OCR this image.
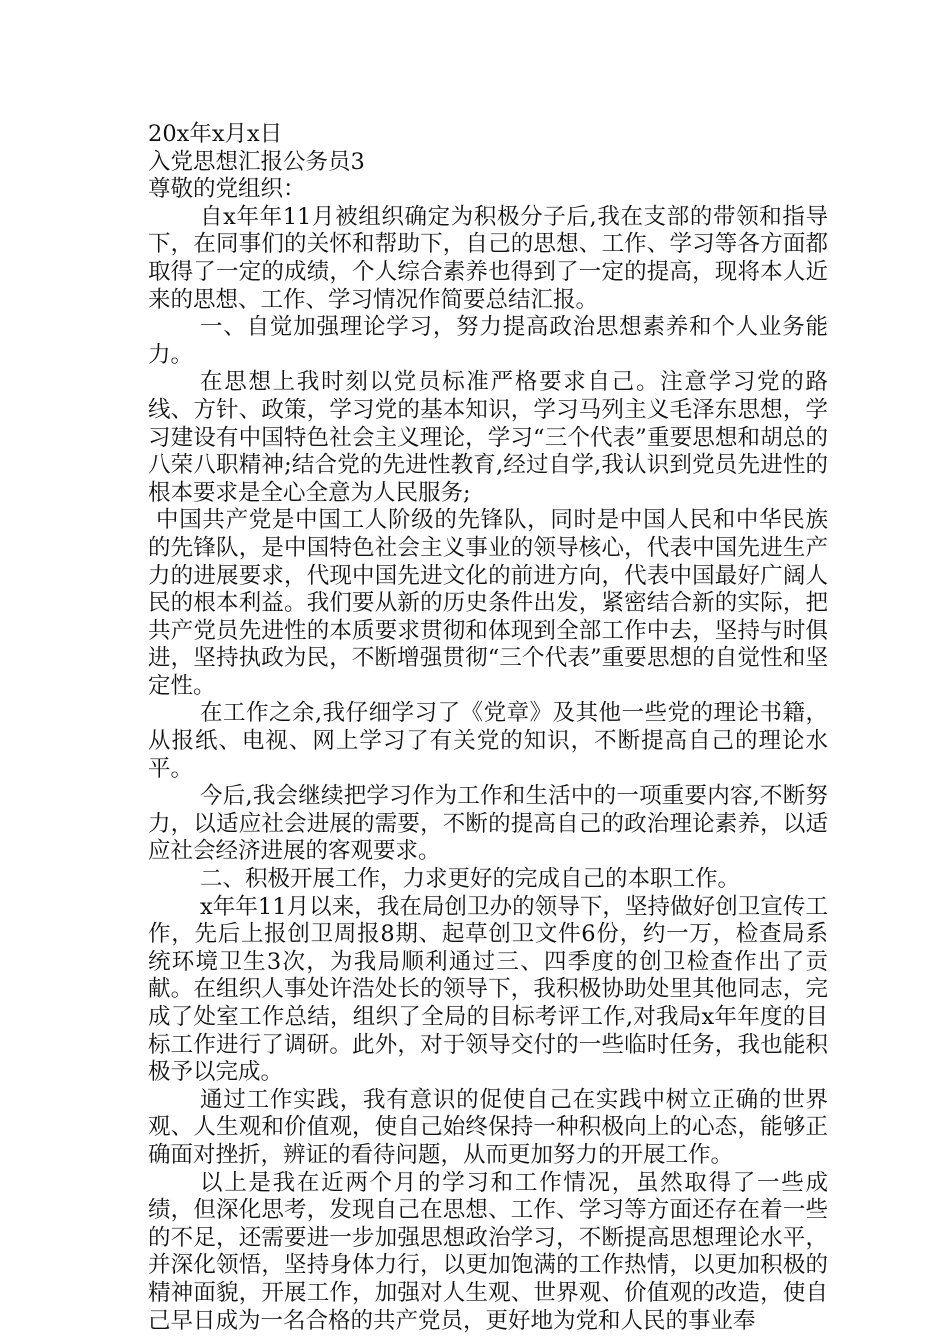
20x年x月x日

入党思想汇报公务员3

尊敬的党组织：

自x年年11月被组织确定为积极分子后,我在支部的带领和指导下，在同事们的关怀和帮助下，自己的思想、工作、学习等各方面都取得了一定的成绩，个人综合素养也得到了一定的提高，现将本人近来的思想、工作、学习情况作简要总结汇报。

一、自觉加强理论学习，努力提高政治思想素养和个人业务能力。

在思想上我时刻以党员标准严格要求自己。注意学习党的路线、方针、政策，学习党的基本知识，学习马列主义毛泽东思想，学习建设有中国特色社会主义理论，学习“三个代表”重要思想和胡总的八荣八职精神;结合党的先进性教育,经过自学,我认识到党员先进性的根本要求是全心全意为人民服务;

中国共产党是中国工人阶级的先锋队，同时是中国人民和中华民族的先锋队，是中国特色社会主义事业的领导核心，代表中国先进生产力的进展要求，代现中国先进文化的前进方向，代表中国最好广阔人民的根本利益。我们要从新的历史条件出发，紧密结合新的实际，把共产党员先进性的本质要求贯彻和体现到全部工作中去，坚持与时俱进，坚持执政为民，不断增强贯彻“三个代表”重要思想的自觉性和坚定性。

在工作之余,我仔细学习了《党章》及其他一些党的理论书籍，从报纸、电视、网上学习了有关党的知识，不断提高自己的理论水平。

今后,我会继续把学习作为工作和生活中的一项重要内容,不断努力，以适应社会进展的需要，不断的提高自己的政治理论素养，以适应社会经济进展的客观要求。

二、积极开展工作，力求更好的完成自己的本职工作。

x年年11月以来，我在局创卫办的领导下，坚持做好创卫宣传工作，先后上报创卫周报8期、起草创卫文件6份，约一万，检查局系统环境卫生3次，为我局顺利通过三、四季度的创卫检查作出了贡献。在组织人事处许浩处长的领导下，我积极协助处里其他同志，完成了处室工作总结，组织了全局的目标考评工作,对我局x年年度的目标工作进行了调研。此外，对于领导交付的一些临时任务，我也能积极予以完成。

通过工作实践，我有意识的促使自己在实践中树立正确的世界观、人生观和价值观，使自己始终保持一种积极向上的心态，能够正确面对挫折，辨证的看待问题，从而更加努力的开展工作。

以上是我在近两个月的学习和工作情况，虽然取得了一些成绩，但深化思考，发现自己在思想、工作、学习等方面还存在着一些的不足，还需要进一步加强思想政治学习，不断提高思想理论水平，并深化领悟，坚持身体力行，以更加饱满的工作热情，以更加积极的精神面貌，开展工作，加强对人生观、世界观、价值观的改造，使自己早日成为一名合格的共产党员，更好地为党和人民的事业奉
